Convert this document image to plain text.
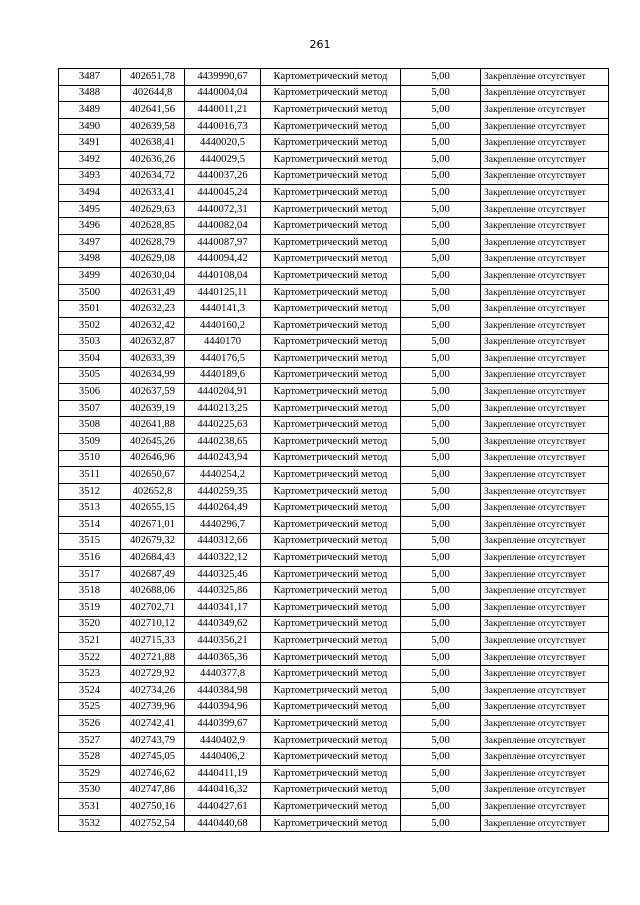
261
3487	402651,78	4439990,67	Картометрический метод	5,00	Закрепление отсутствует
3488	402644,8	4440004,04	Картометрический метод	5,00	Закрепление отсутствует
3489	402641,56	4440011,21	Картометрический метод	5,00	Закрепление отсутствует
3490	402639,58	4440016,73	Картометрический метод	5,00	Закрепление отсутствует
3491	402638,41	4440020,5	Картометрический метод	5,00	Закрепление отсутствует
3492	402636,26	4440029,5	Картометрический метод	5,00	Закрепление отсутствует
3493	402634,72	4440037,26	Картометрический метод	5,00	Закрепление отсутствует
3494	402633,41	4440045,24	Картометрический метод	5,00	Закрепление отсутствует
3495	402629,63	4440072,31	Картометрический метод	5,00	Закрепление отсутствует
3496	402628,85	4440082,04	Картометрический метод	5,00	Закрепление отсутствует
3497	402628,79	4440087,97	Картометрический метод	5,00	Закрепление отсутствует
3498	402629,08	4440094,42	Картометрический метод	5,00	Закрепление отсутствует
3499	402630,04	4440108,04	Картометрический метод	5,00	Закрепление отсутствует
3500	402631,49	4440125,11	Картометрический метод	5,00	Закрепление отсутствует
3501	402632,23	4440141,3	Картометрический метод	5,00	Закрепление отсутствует
3502	402632,42	4440160,2	Картометрический метод	5,00	Закрепление отсутствует
3503	402632,87	4440170	Картометрический метод	5,00	Закрепление отсутствует
3504	402633,39	4440176,5	Картометрический метод	5,00	Закрепление отсутствует
3505	402634,99	4440189,6	Картометрический метод	5,00	Закрепление отсутствует
3506	402637,59	4440204,91	Картометрический метод	5,00	Закрепление отсутствует
3507	402639,19	4440213,25	Картометрический метод	5,00	Закрепление отсутствует
3508	402641,88	4440225,63	Картометрический метод	5,00	Закрепление отсутствует
3509	402645,26	4440238,65	Картометрический метод	5,00	Закрепление отсутствует
3510	402646,96	4440243,94	Картометрический метод	5,00	Закрепление отсутствует
3511	402650,67	4440254,2	Картометрический метод	5,00	Закрепление отсутствует
3512	402652,8	4440259,35	Картометрический метод	5,00	Закрепление отсутствует
3513	402655,15	4440264,49	Картометрический метод	5,00	Закрепление отсутствует
3514	402671,01	4440296,7	Картометрический метод	5,00	Закрепление отсутствует
3515	402679,32	4440312,66	Картометрический метод	5,00	Закрепление отсутствует
3516	402684,43	4440322,12	Картометрический метод	5,00	Закрепление отсутствует
3517	402687,49	4440325,46	Картометрический метод	5,00	Закрепление отсутствует
3518	402688,06	4440325,86	Картометрический метод	5,00	Закрепление отсутствует
3519	402702,71	4440341,17	Картометрический метод	5,00	Закрепление отсутствует
3520	402710,12	4440349,62	Картометрический метод	5,00	Закрепление отсутствует
3521	402715,33	4440356,21	Картометрический метод	5,00	Закрепление отсутствует
3522	402721,88	4440365,36	Картометрический метод	5,00	Закрепление отсутствует
3523	402729,92	4440377,8	Картометрический метод	5,00	Закрепление отсутствует
3524	402734,26	4440384,98	Картометрический метод	5,00	Закрепление отсутствует
3525	402739,96	4440394,96	Картометрический метод	5,00	Закрепление отсутствует
3526	402742,41	4440399,67	Картометрический метод	5,00	Закрепление отсутствует
3527	402743,79	4440402,9	Картометрический метод	5,00	Закрепление отсутствует
3528	402745,05	4440406,2	Картометрический метод	5,00	Закрепление отсутствует
3529	402746,62	4440411,19	Картометрический метод	5,00	Закрепление отсутствует
3530	402747,86	4440416,32	Картометрический метод	5,00	Закрепление отсутствует
3531	402750,16	4440427,61	Картометрический метод	5,00	Закрепление отсутствует
3532	402752,54	4440440,68	Картометрический метод	5,00	Закрепление отсутствует
